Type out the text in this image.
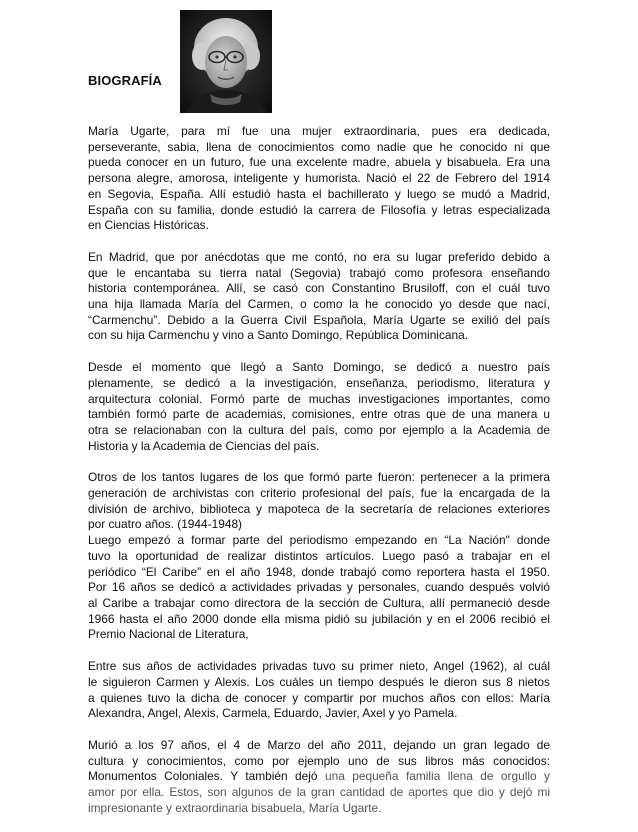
BIOGRAFÍA
María Ugarte, para mí fue una mujer extraordinaria, pues era dedicada,
perseverante, sabia, llena de conocimientos como nadie que he conocido ni que
pueda conocer en un futuro, fue una excelente madre, abuela y bisabuela. Era una
persona alegre, amorosa, inteligente y humorista. Nació el 22 de Febrero del 1914
en Segovia, España. Allí estudió hasta el bachillerato y luego se mudó a Madrid,
España con su familia, donde estudió la carrera de Filosofía y letras especializada
en Ciencias Históricas.
En Madrid, que por anécdotas que me contó, no era su lugar preferido debido a
que le encantaba su tierra natal (Segovia) trabajó como profesora enseñando
historia contemporánea. Allí, se casó con Constantino Brusiloff, con el cuál tuvo
una hija llamada María del Carmen, o como la he conocido yo desde que nací,
“Carmenchu”. Debido a la Guerra Civil Española, María Ugarte se exilió del país
con su hija Carmenchu y vino a Santo Domingo, República Dominicana.
Desde el momento que llegó a Santo Domingo, se dedicó a nuestro país
plenamente, se dedicó a la investigación, enseñanza, periodismo, literatura y
arquitectura colonial. Formó parte de muchas investigaciones importantes, como
también formó parte de academias, comisiones, entre otras que de una manera u
otra se relacionaban con la cultura del país, como por ejemplo a la Academia de
Historia y la Academia de Ciencias del país.
Otros de los tantos lugares de los que formó parte fueron: pertenecer a la primera
generación de archivistas con criterio profesional del país, fue la encargada de la
división de archivo, biblioteca y mapoteca de la secretaría de relaciones exteriores
por cuatro años. (1944-1948)
Luego empezó a formar parte del periodismo empezando en “La Nación" donde
tuvo la oportunidad de realizar distintos artículos. Luego pasó a trabajar en el
periódico “El Caribe” en el año 1948, donde trabajó como reportera hasta el 1950.
Por 16 años se dedicó a actividades privadas y personales, cuando después volvió
al Caribe a trabajar como directora de la sección de Cultura, allí permaneció desde
1966 hasta el año 2000 donde ella misma pidió su jubilación y en el 2006 recibió el
Premio Nacional de Literatura,
Entre sus años de actividades privadas tuvo su primer nieto, Angel (1962), al cuál
le siguieron Carmen y Alexis. Los cuáles un tiempo después le dieron sus 8 nietos
a quienes tuvo la dicha de conocer y compartir por muchos años con ellos: María
Alexandra, Angel, Alexis, Carmela, Eduardo, Javier, Axel y yo Pamela.
Murió a los 97 años, el 4 de Marzo del año 2011, dejando un gran legado de
cultura y conocimientos, como por ejemplo uno de sus libros más conocidos:
Monumentos Coloniales. Y también dejó una pequeña familia llena de orgullo y
amor por ella. Estos, son algunos de la gran cantidad de aportes que dio y dejó mi
impresionante y extraordinaria bisabuela, María Ugarte.
